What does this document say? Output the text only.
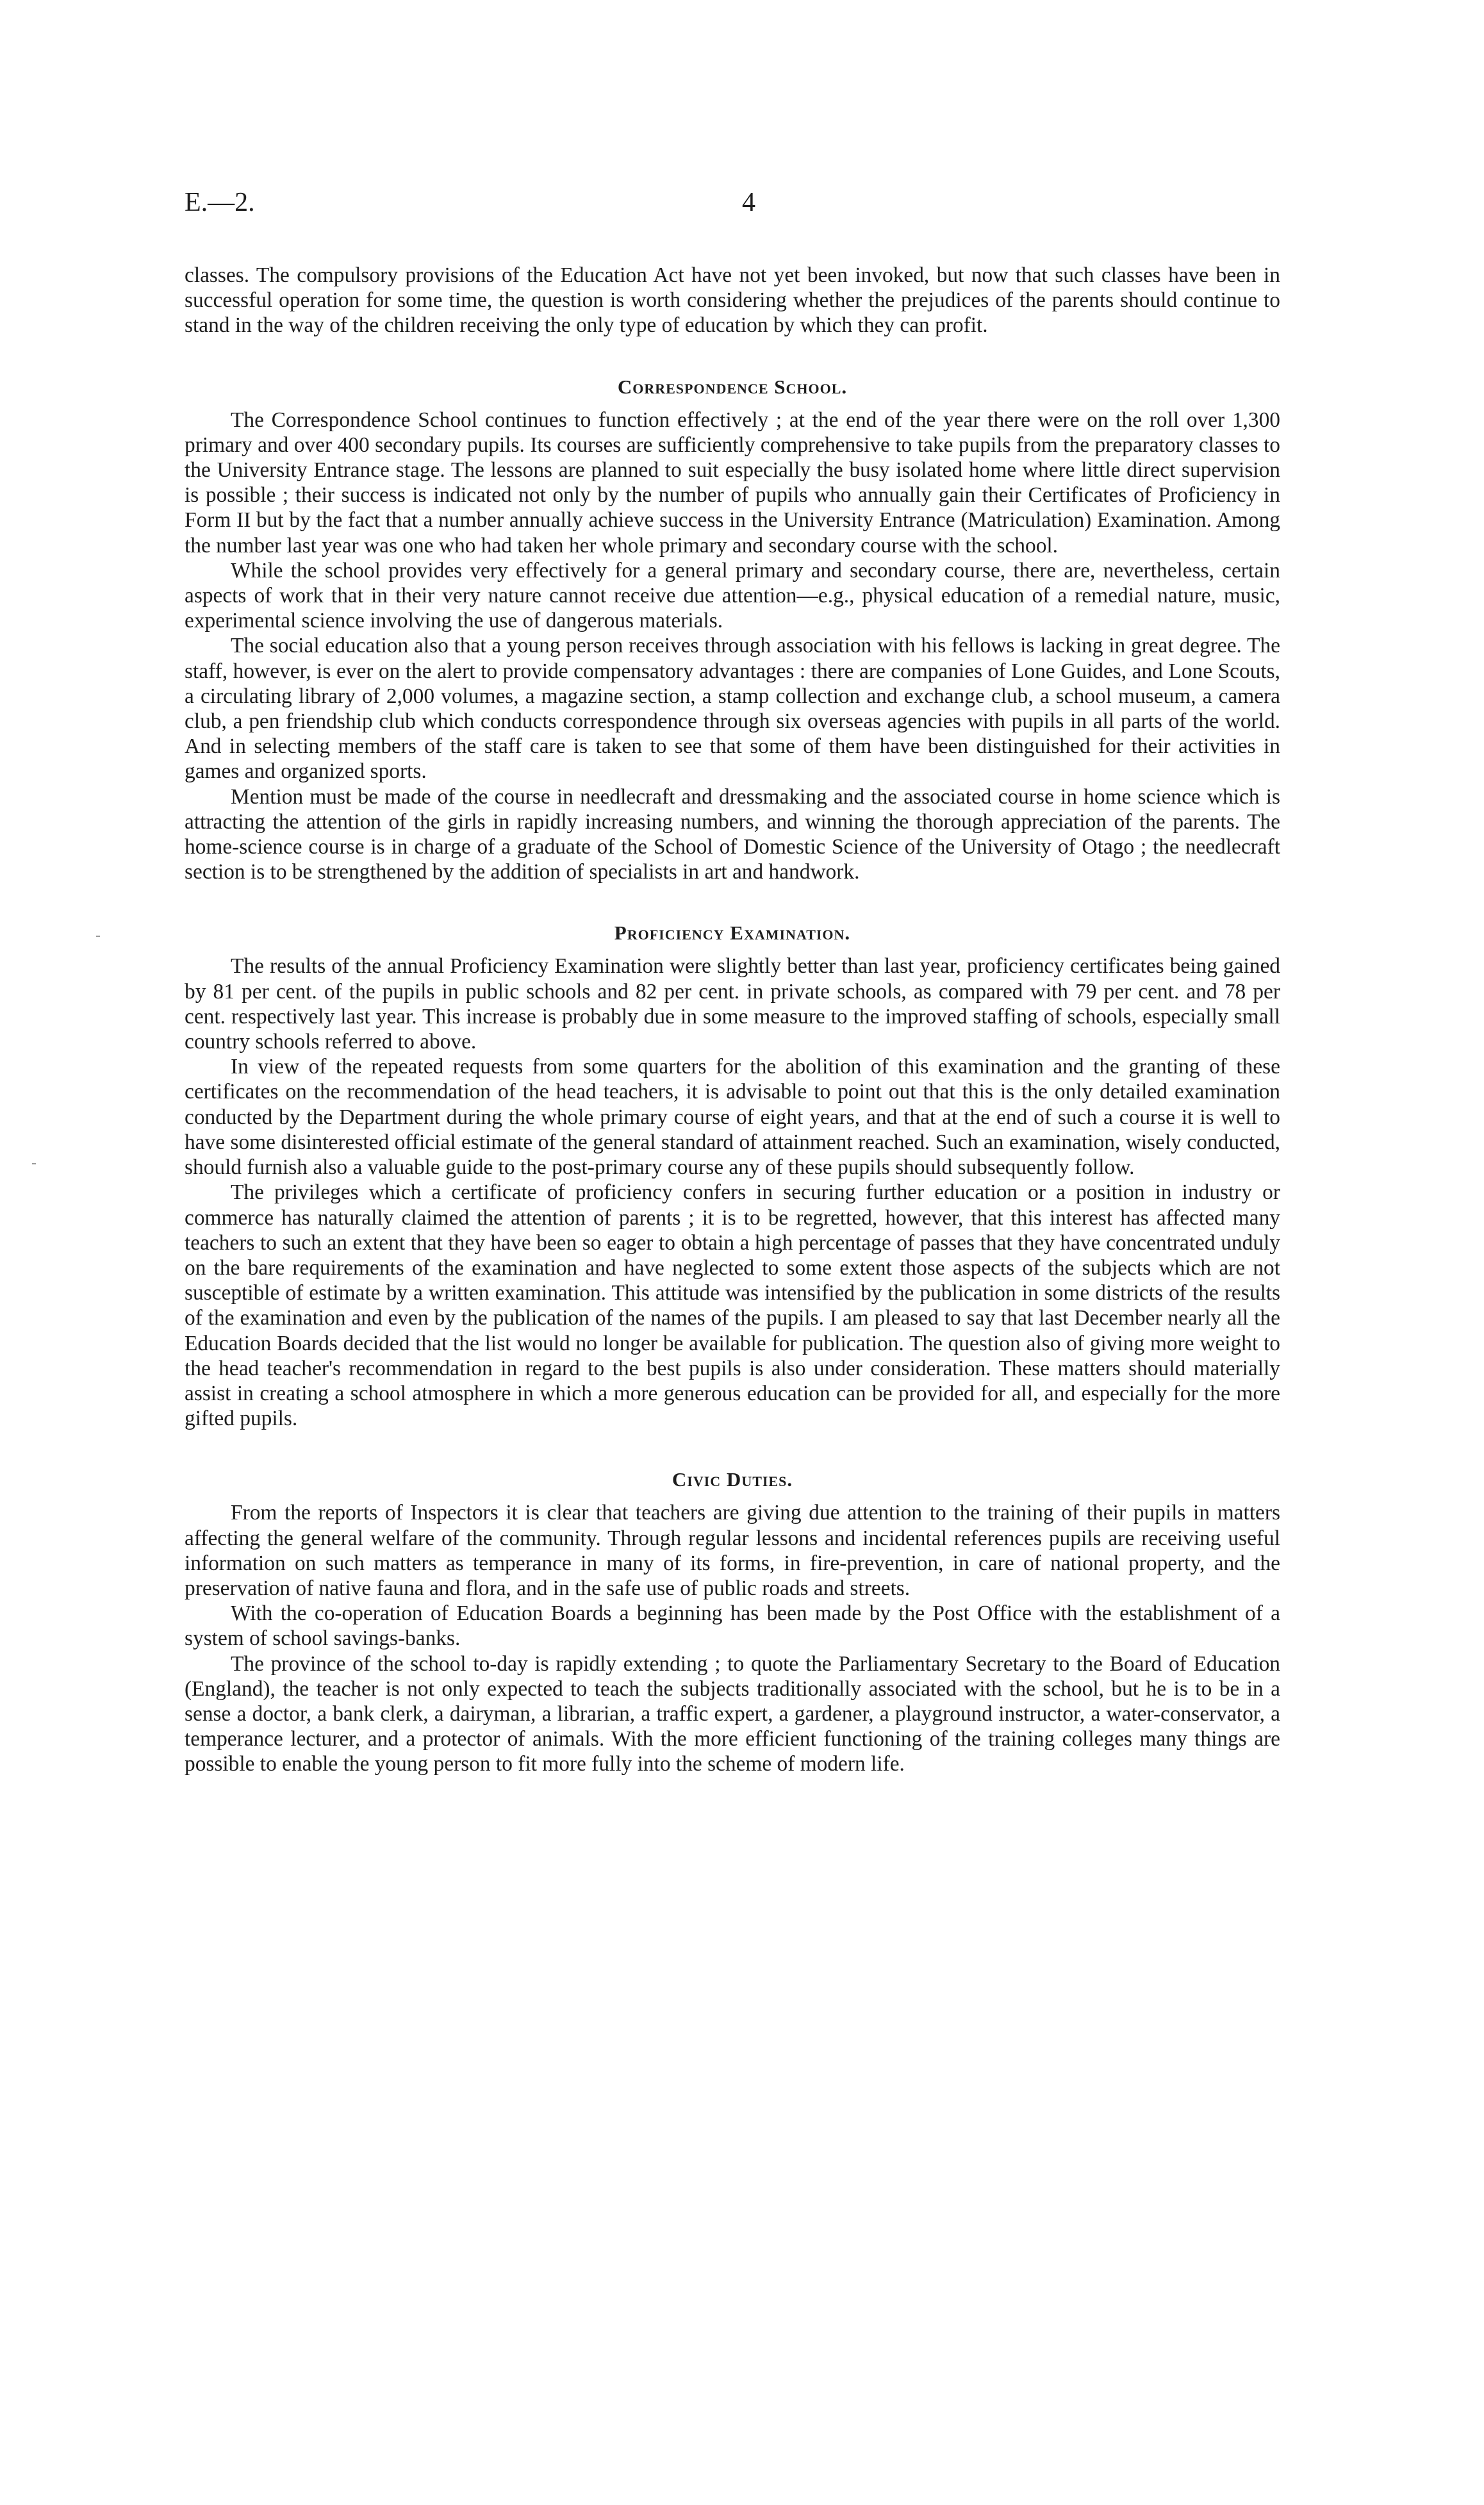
E.—2.	4

classes. The compulsory provisions of the Education Act have not yet been invoked, but now that such classes have been in successful operation for some time, the question is worth considering whether the prejudices of the parents should continue to stand in the way of the children receiving the only type of education by which they can profit.

Correspondence School.

The Correspondence School continues to function effectively ; at the end of the year there were on the roll over 1,300 primary and over 400 secondary pupils. Its courses are sufficiently comprehensive to take pupils from the preparatory classes to the University Entrance stage. The lessons are planned to suit especially the busy isolated home where little direct supervision is possible ; their success is indicated not only by the number of pupils who annually gain their Certificates of Proficiency in Form II but by the fact that a number annually achieve success in the University Entrance (Matriculation) Examination. Among the number last year was one who had taken her whole primary and secondary course with the school.

While the school provides very effectively for a general primary and secondary course, there are, nevertheless, certain aspects of work that in their very nature cannot receive due attention—e.g., physical education of a remedial nature, music, experimental science involving the use of dangerous materials.

The social education also that a young person receives through association with his fellows is lacking in great degree. The staff, however, is ever on the alert to provide compensatory advantages : there are companies of Lone Guides, and Lone Scouts, a circulating library of 2,000 volumes, a magazine section, a stamp collection and exchange club, a school museum, a camera club, a pen friendship club which conducts correspondence through six overseas agencies with pupils in all parts of the world. And in selecting members of the staff care is taken to see that some of them have been distinguished for their activities in games and organized sports.

Mention must be made of the course in needlecraft and dressmaking and the associated course in home science which is attracting the attention of the girls in rapidly increasing numbers, and winning the thorough appreciation of the parents. The home-science course is in charge of a graduate of the School of Domestic Science of the University of Otago ; the needlecraft section is to be strengthened by the addition of specialists in art and handwork.

Proficiency Examination.

The results of the annual Proficiency Examination were slightly better than last year, proficiency certificates being gained by 81 per cent. of the pupils in public schools and 82 per cent. in private schools, as compared with 79 per cent. and 78 per cent. respectively last year. This increase is probably due in some measure to the improved staffing of schools, especially small country schools referred to above.

In view of the repeated requests from some quarters for the abolition of this examination and the granting of these certificates on the recommendation of the head teachers, it is advisable to point out that this is the only detailed examination conducted by the Department during the whole primary course of eight years, and that at the end of such a course it is well to have some disinterested official estimate of the general standard of attainment reached. Such an examination, wisely conducted, should furnish also a valuable guide to the post-primary course any of these pupils should subsequently follow.

The privileges which a certificate of proficiency confers in securing further education or a position in industry or commerce has naturally claimed the attention of parents ; it is to be regretted, however, that this interest has affected many teachers to such an extent that they have been so eager to obtain a high percentage of passes that they have concentrated unduly on the bare requirements of the examination and have neglected to some extent those aspects of the subjects which are not susceptible of estimate by a written examination. This attitude was intensified by the publication in some districts of the results of the examination and even by the publication of the names of the pupils. I am pleased to say that last December nearly all the Education Boards decided that the list would no longer be available for publication. The question also of giving more weight to the head teacher's recommendation in regard to the best pupils is also under consideration. These matters should materially assist in creating a school atmosphere in which a more generous education can be provided for all, and especially for the more gifted pupils.

Civic Duties.

From the reports of Inspectors it is clear that teachers are giving due attention to the training of their pupils in matters affecting the general welfare of the community. Through regular lessons and incidental references pupils are receiving useful information on such matters as temperance in many of its forms, in fire-prevention, in care of national property, and the preservation of native fauna and flora, and in the safe use of public roads and streets.

With the co-operation of Education Boards a beginning has been made by the Post Office with the establishment of a system of school savings-banks.

The province of the school to-day is rapidly extending ; to quote the Parliamentary Secretary to the Board of Education (England), the teacher is not only expected to teach the subjects traditionally associated with the school, but he is to be in a sense a doctor, a bank clerk, a dairyman, a librarian, a traffic expert, a gardener, a playground instructor, a water-conservator, a temperance lecturer, and a protector of animals. With the more efficient functioning of the training colleges many things are possible to enable the young person to fit more fully into the scheme of modern life.
